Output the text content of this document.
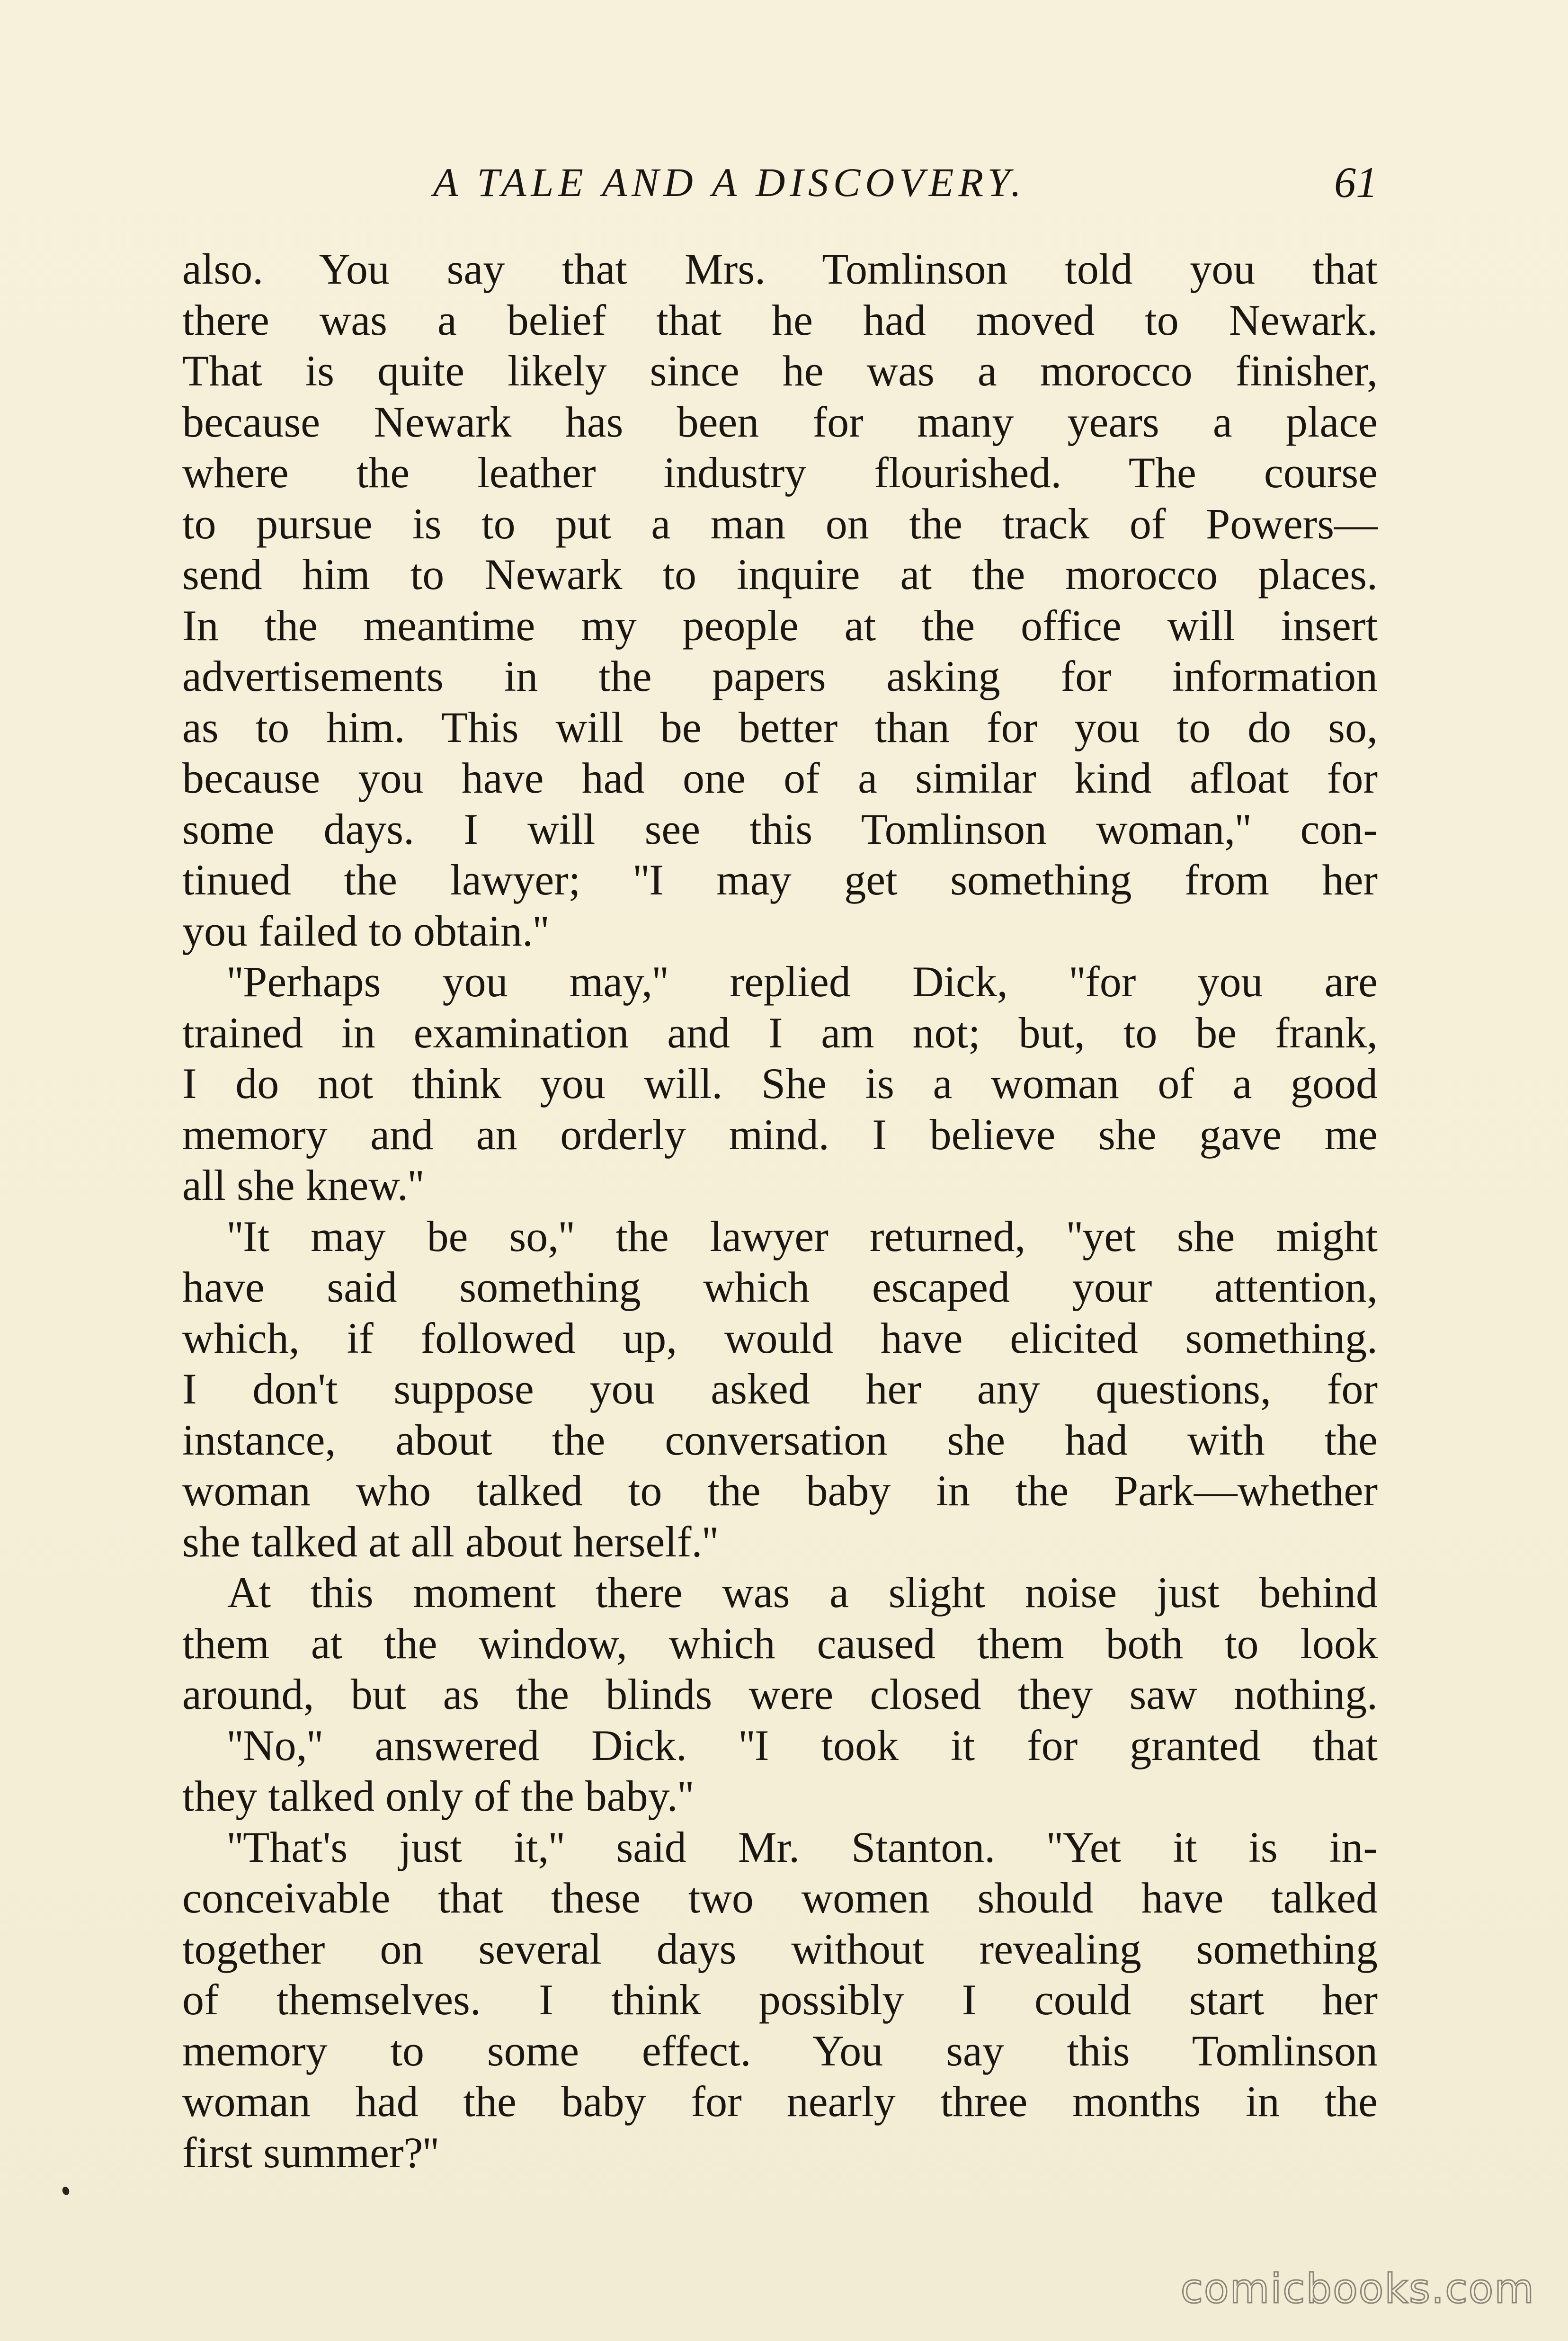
A TALE AND A DISCOVERY.	61
also. You say that Mrs. Tomlinson told you that
there was a belief that he had moved to Newark.
That is quite likely since he was a morocco finisher,
because Newark has been for many years a place
where the leather industry flourished. The course
to pursue is to put a man on the track of Powers—
send him to Newark to inquire at the morocco places.
In the meantime my people at the office will insert
advertisements in the papers asking for information
as to him. This will be better than for you to do so,
because you have had one of a similar kind afloat for
some days. I will see this Tomlinson woman,'' con-
tinued the lawyer; ''I may get something from her
you failed to obtain.''
''Perhaps you may,'' replied Dick, ''for you are
trained in examination and I am not; but, to be frank,
I do not think you will. She is a woman of a good
memory and an orderly mind. I believe she gave me
all she knew.''
''It may be so,'' the lawyer returned, ''yet she might
have said something which escaped your attention,
which, if followed up, would have elicited something.
I don't suppose you asked her any questions, for
instance, about the conversation she had with the
woman who talked to the baby in the Park—whether
she talked at all about herself.''
At this moment there was a slight noise just behind
them at the window, which caused them both to look
around, but as the blinds were closed they saw nothing.
''No,'' answered Dick. ''I took it for granted that
they talked only of the baby.''
''That's just it,'' said Mr. Stanton. ''Yet it is in-
conceivable that these two women should have talked
together on several days without revealing something
of themselves. I think possibly I could start her
memory to some effect. You say this Tomlinson
woman had the baby for nearly three months in the
first summer?''
comicbooks.com
